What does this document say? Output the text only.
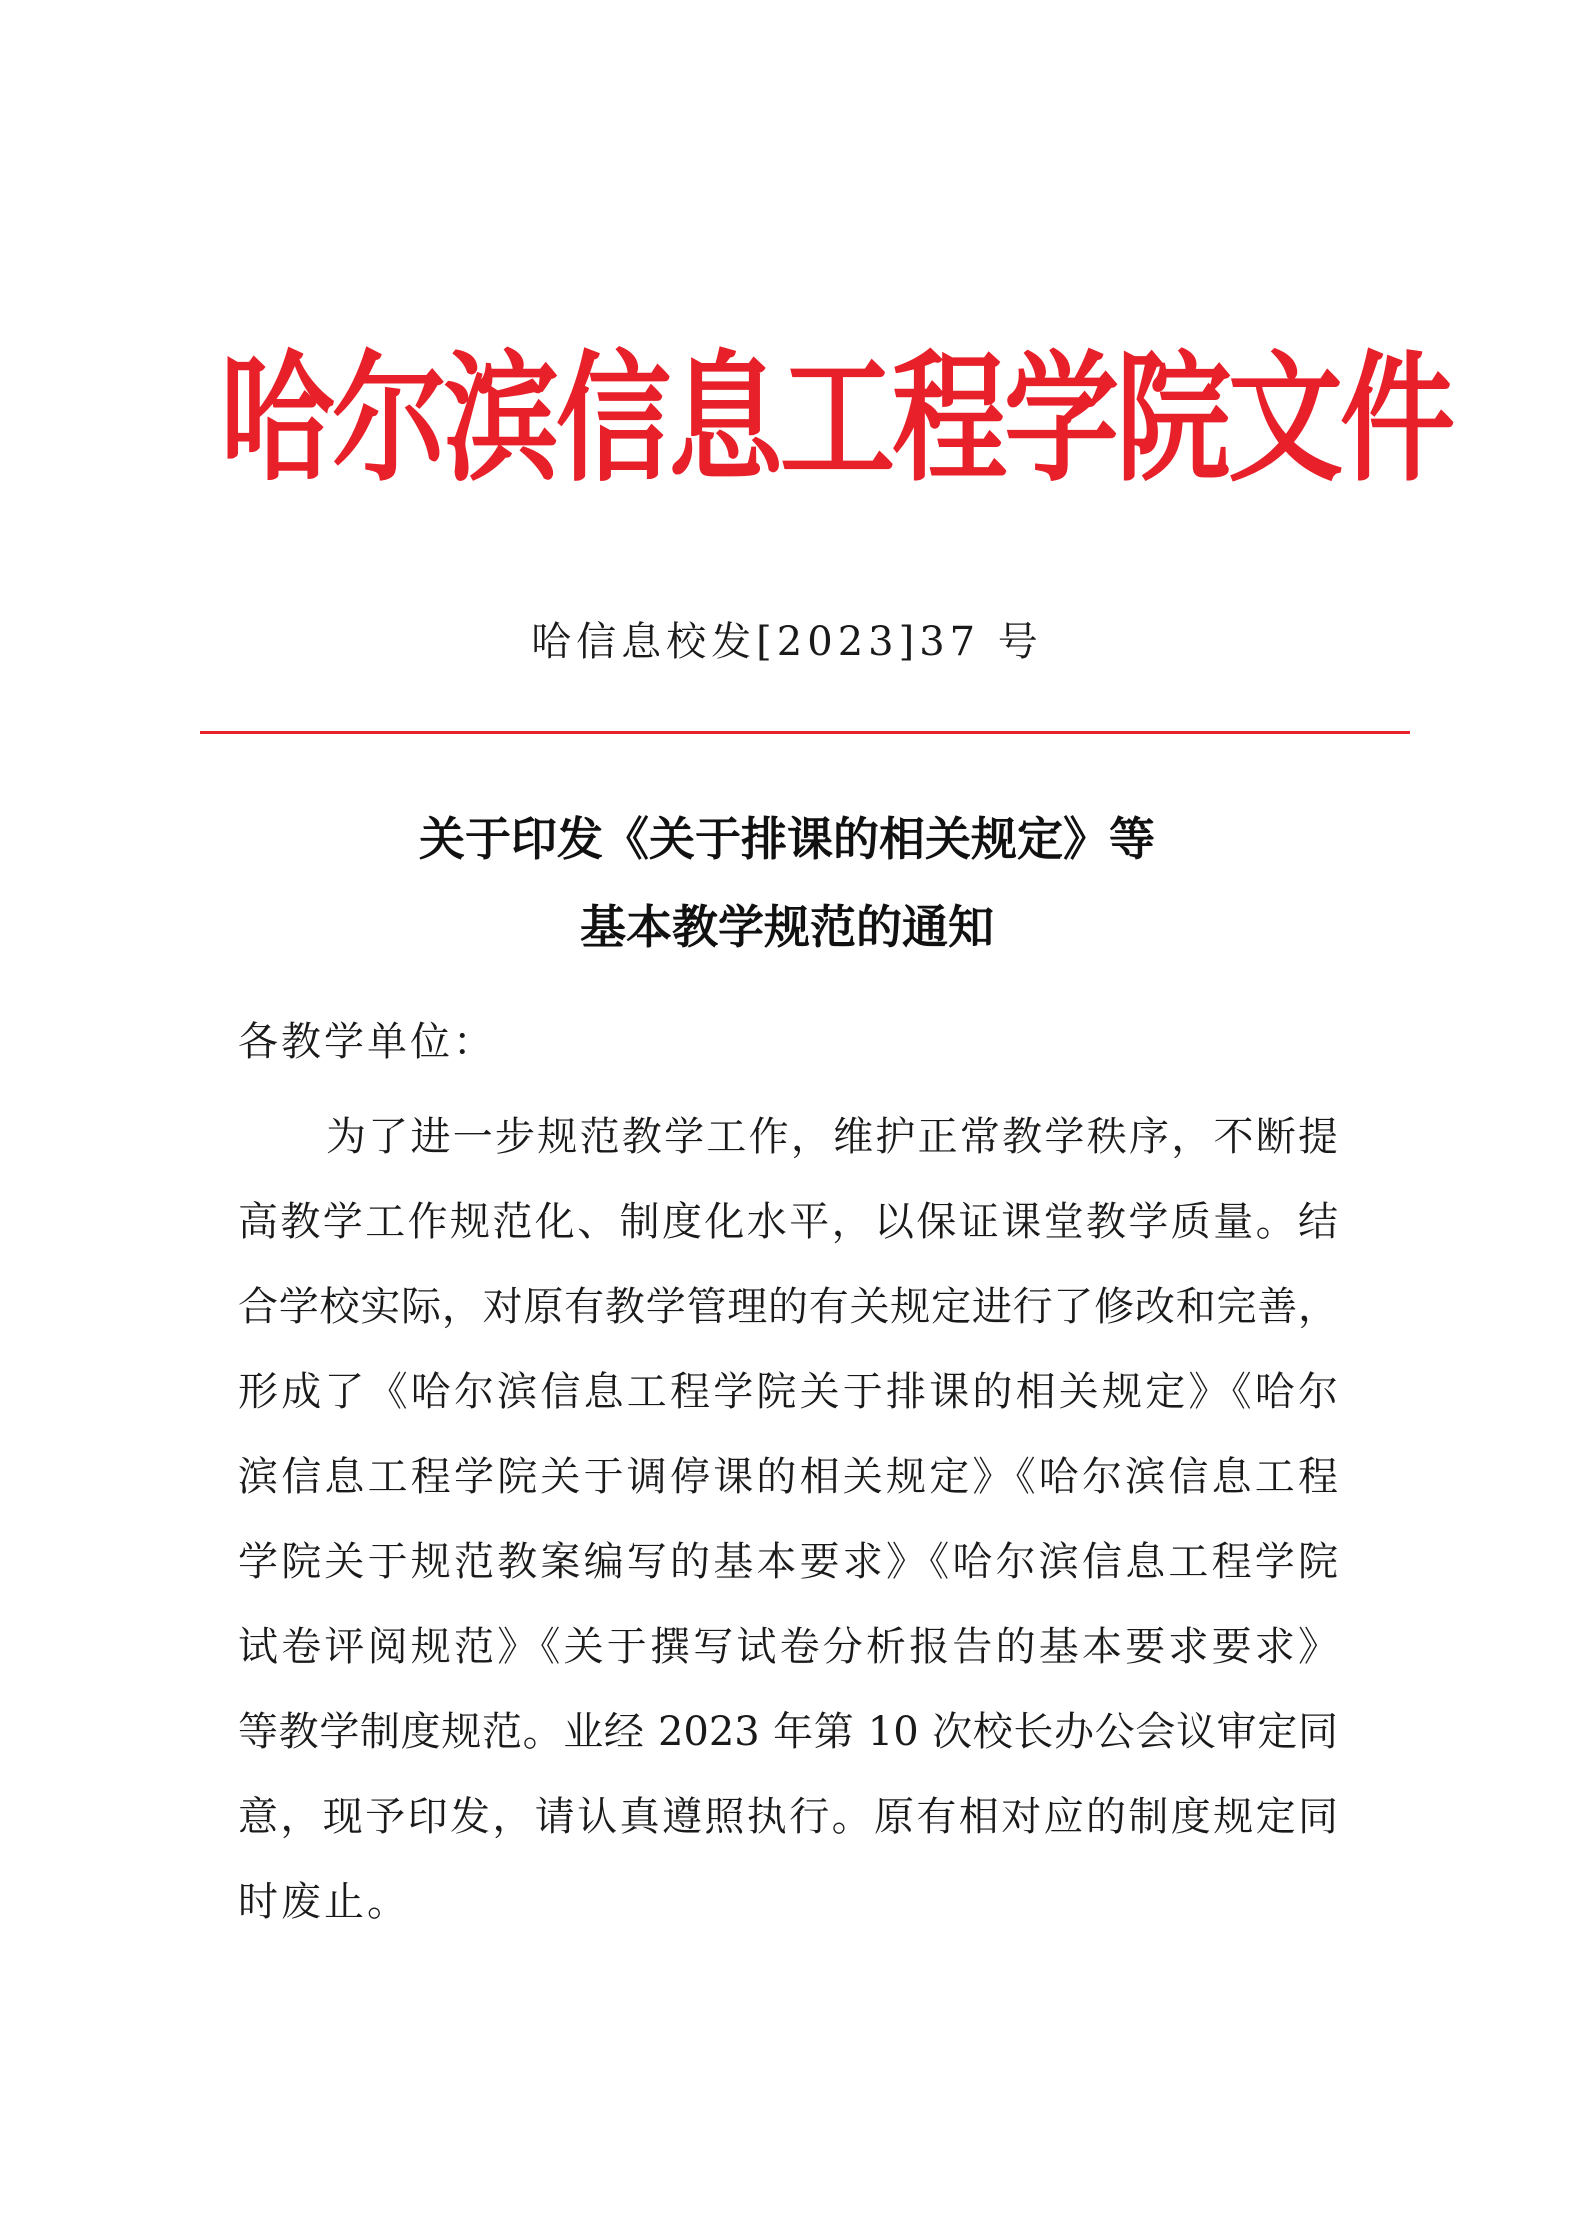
哈尔滨信息工程学院文件
哈信息校发[2023]37 号
关于印发《关于排课的相关规定》等
基本教学规范的通知
各教学单位：
为了进一步规范教学工作，维护正常教学秩序，不断提
高教学工作规范化、制度化水平，以保证课堂教学质量。结
合学校实际，对原有教学管理的有关规定进行了修改和完善，
形成了《哈尔滨信息工程学院关于排课的相关规定》《哈尔
滨信息工程学院关于调停课的相关规定》《哈尔滨信息工程
学院关于规范教案编写的基本要求》《哈尔滨信息工程学院
试卷评阅规范》《关于撰写试卷分析报告的基本要求要求》
等教学制度规范。业经 2023 年第 10 次校长办公会议审定同
意，现予印发，请认真遵照执行。原有相对应的制度规定同
时废止。
